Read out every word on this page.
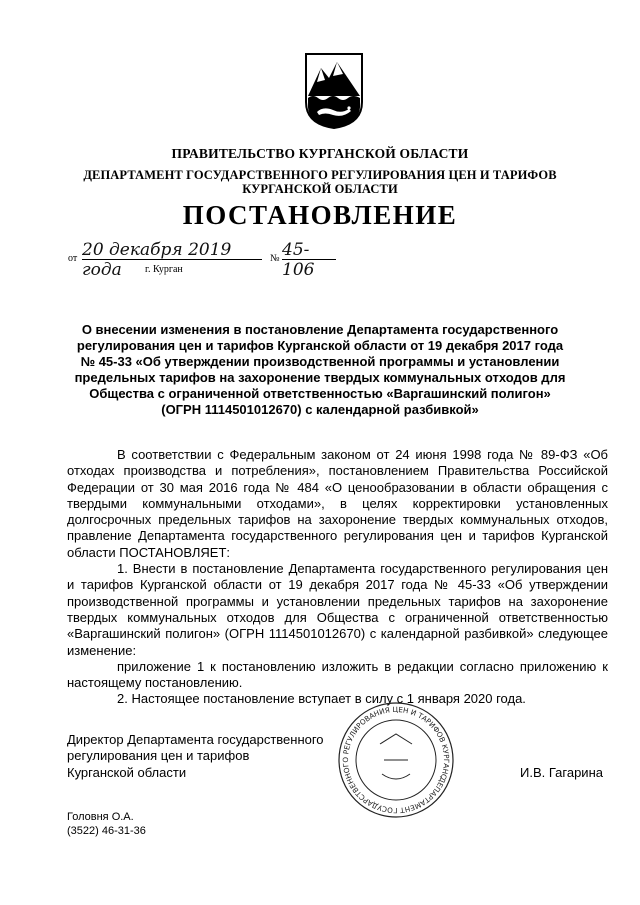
ПРАВИТЕЛЬСТВО КУРГАНСКОЙ ОБЛАСТИ
ДЕПАРТАМЕНТ ГОСУДАРСТВЕННОГО РЕГУЛИРОВАНИЯ ЦЕН И ТАРИФОВ
КУРГАНСКОЙ ОБЛАСТИ
ПОСТАНОВЛЕНИЕ
от 20 декабря 2019 года
№ 45-106
г. Курган
О внесении изменения в постановление Департамента государственного
регулирования цен и тарифов Курганской области от 19 декабря 2017 года
№ 45-33 «Об утверждении производственной программы и установлении
предельных тарифов на захоронение твердых коммунальных отходов для
Общества с ограниченной ответственностью «Варгашинский полигон»
(ОГРН 1114501012670) с календарной разбивкой»

В соответствии с Федеральным законом от 24 июня 1998 года № 89-ФЗ «Об отходах производства и потребления», постановлением Правительства Российской Федерации от 30 мая 2016 года № 484 «О ценообразовании в области обращения с твердыми коммунальными отходами», в целях корректировки установленных долгосрочных предельных тарифов на захоронение твердых коммунальных отходов, правление Департамента государственного регулирования цен и тарифов Курганской области ПОСТАНОВЛЯЕТ:

1. Внести в постановление Департамента государственного регулирования цен и тарифов Курганской области от 19 декабря 2017 года № 45-33 «Об утверждении производственной программы и установлении предельных тарифов на захоронение твердых коммунальных отходов для Общества с ограниченной ответственностью «Варгашинский полигон» (ОГРН 1114501012670) с календарной разбивкой» следующее изменение:

приложение 1 к постановлению изложить в редакции согласно приложению к настоящему постановлению.

2. Настоящее постановление вступает в силу с 1 января 2020 года.

ДЕПАРТАМЕНТ ГОСУДАРСТВЕННОГО РЕГУЛИРОВАНИЯ ЦЕН И ТАРИФОВ КУРГАНСКОЙ
Директор Департамента государственного
регулирования цен и тарифов
Курганской области	И.В. Гагарина
Головня О.А.
(3522) 46-31-36
